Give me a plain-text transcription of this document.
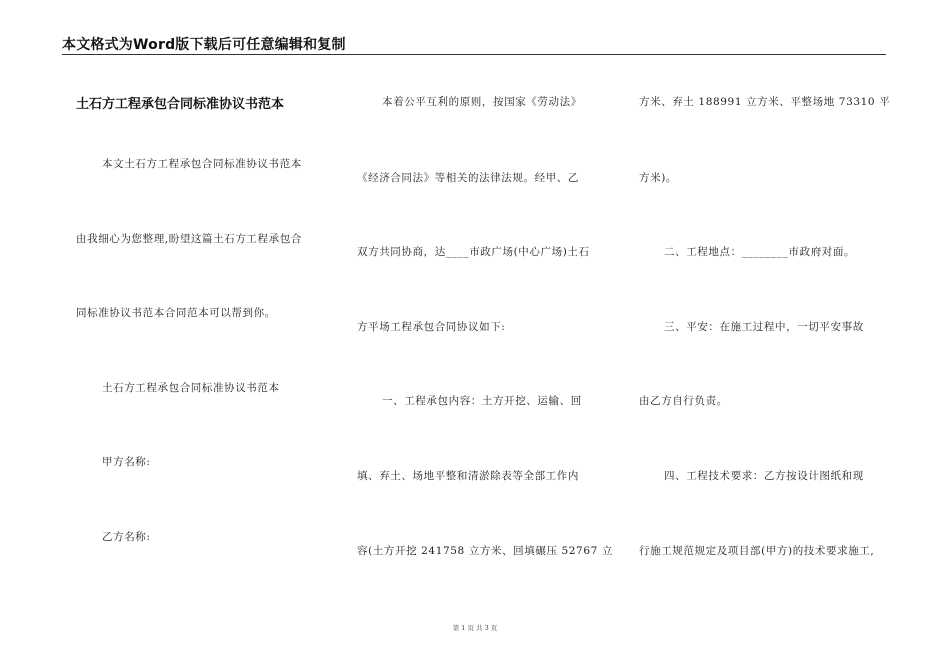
本文格式为Word版下载后可任意编辑和复制
土石方工程承包合同标准协议书范本
本文土石方工程承包合同标准协议书范本
由我细心为您整理,盼望这篇土石方工程承包合
同标准协议书范本合同范本可以帮到你。
土石方工程承包合同标准协议书范本
甲方名称:
乙方名称:
本着公平互利的原则，按国家《劳动法》
《经济合同法》等相关的法律法规。经甲、乙
双方共同协商，达____市政广场(中心广场)土石
方平场工程承包合同协议如下:
一、工程承包内容：土方开挖、运输、回
填、弃土、场地平整和清淤除表等全部工作内
容(土方开挖 241758 立方米、回填碾压 52767 立
方米、弃土 188991 立方米、平整场地 73310 平
方米)。
二、工程地点：________市政府对面。
三、平安：在施工过程中，一切平安事故
由乙方自行负责。
四、工程技术要求：乙方按设计图纸和现
行施工规范规定及项目部(甲方)的技术要求施工,
第 1 页 共 3 页
